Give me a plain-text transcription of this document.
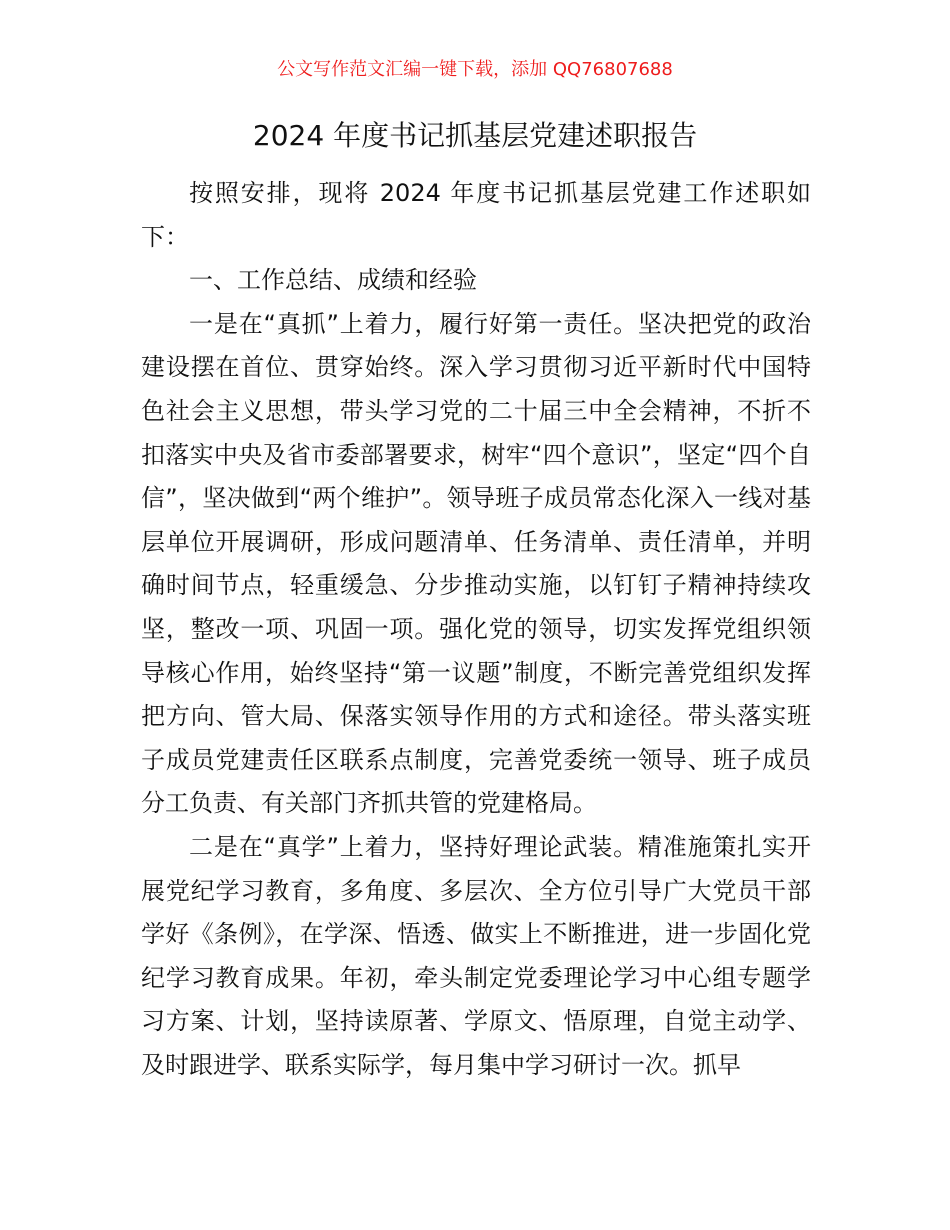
公文写作范文汇编一键下载，添加 QQ76807688
2024 年度书记抓基层党建述职报告

按照安排，现将 2024 年度书记抓基层党建工作述职如下：

一、工作总结、成绩和经验

一是在“真抓”上着力，履行好第一责任。坚决把党的政治建设摆在首位、贯穿始终。深入学习贯彻习近平新时代中国特色社会主义思想，带头学习党的二十届三中全会精神，不折不扣落实中央及省市委部署要求，树牢“四个意识”，坚定“四个自信”，坚决做到“两个维护”。领导班子成员常态化深入一线对基层单位开展调研，形成问题清单、任务清单、责任清单，并明确时间节点，轻重缓急、分步推动实施，以钉钉子精神持续攻坚，整改一项、巩固一项。强化党的领导，切实发挥党组织领导核心作用，始终坚持“第一议题”制度，不断完善党组织发挥把方向、管大局、保落实领导作用的方式和途径。带头落实班子成员党建责任区联系点制度，完善党委统一领导、班子成员分工负责、有关部门齐抓共管的党建格局。

二是在“真学”上着力，坚持好理论武装。精准施策扎实开展党纪学习教育，多角度、多层次、全方位引导广大党员干部学好《条例》，在学深、悟透、做实上不断推进，进一步固化党纪学习教育成果。年初，牵头制定党委理论学习中心组专题学习方案、计划，坚持读原著、学原文、悟原理，自觉主动学、及时跟进学、联系实际学，每月集中学习研讨一次。抓早
